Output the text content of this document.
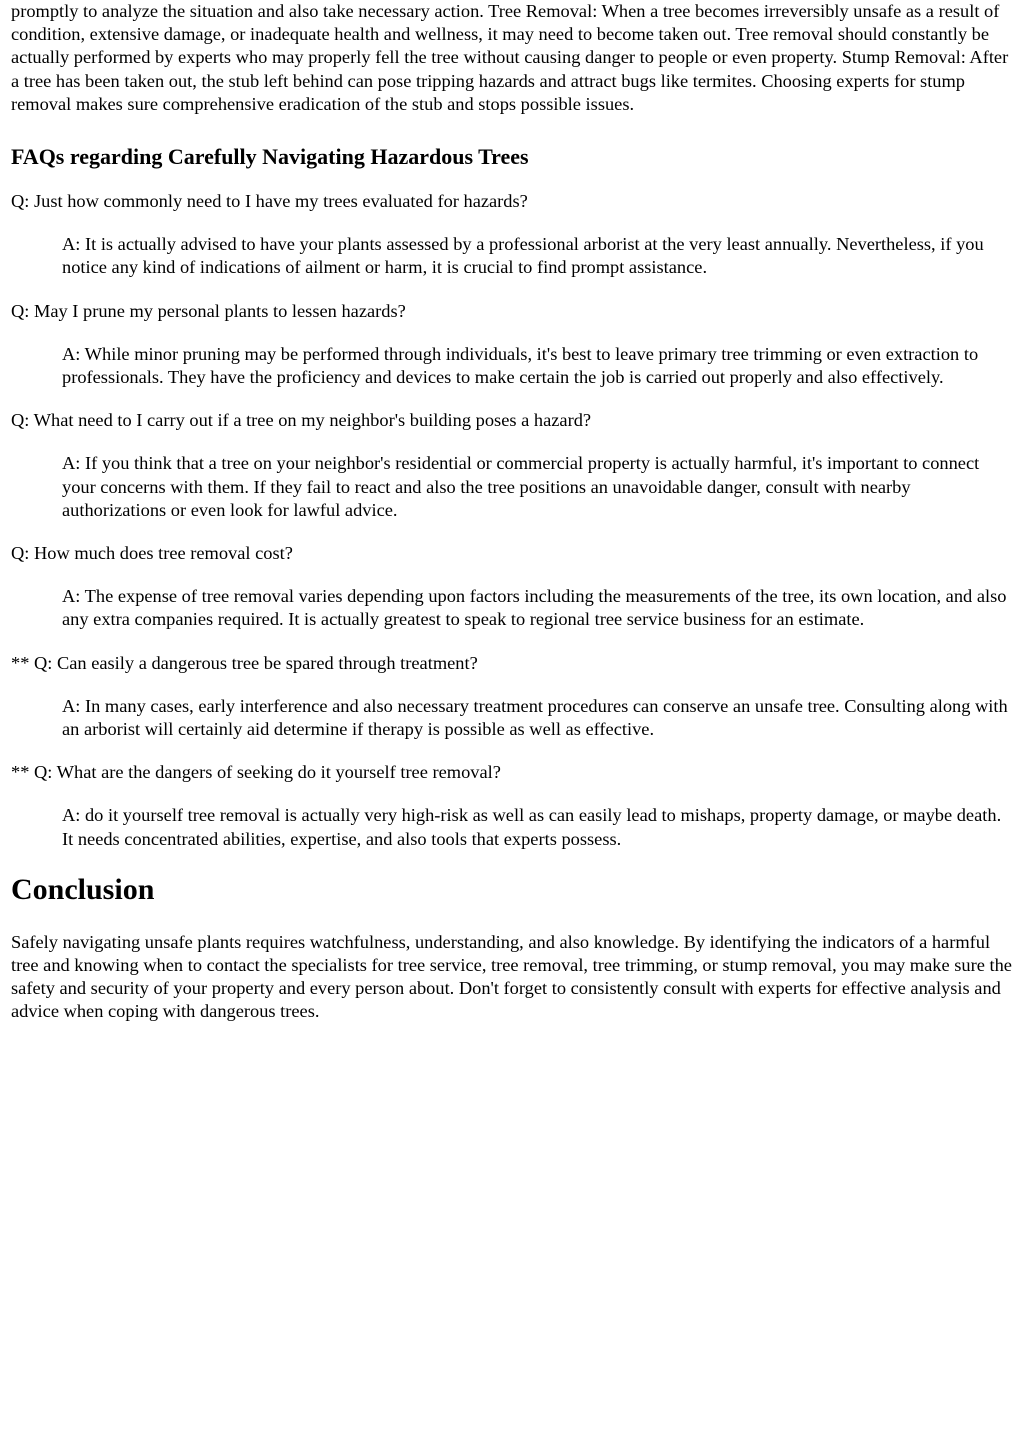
promptly to analyze the situation and also take necessary action. Tree Removal: When a tree becomes irreversibly unsafe as a result of condition, extensive damage, or inadequate health and wellness, it may need to become taken out. Tree removal should constantly be actually performed by experts who may properly fell the tree without causing danger to people or even property. Stump Removal: After a tree has been taken out, the stub left behind can pose tripping hazards and attract bugs like termites. Choosing experts for stump removal makes sure comprehensive eradication of the stub and stops possible issues.

FAQs regarding Carefully Navigating Hazardous Trees

Q: Just how commonly need to I have my trees evaluated for hazards?

A: It is actually advised to have your plants assessed by a professional arborist at the very least annually. Nevertheless, if you notice any kind of indications of ailment or harm, it is crucial to find prompt assistance.

Q: May I prune my personal plants to lessen hazards?

A: While minor pruning may be performed through individuals, it's best to leave primary tree trimming or even extraction to professionals. They have the proficiency and devices to make certain the job is carried out properly and also effectively.

Q: What need to I carry out if a tree on my neighbor's building poses a hazard?

A: If you think that a tree on your neighbor's residential or commercial property is actually harmful, it's important to connect your concerns with them. If they fail to react and also the tree positions an unavoidable danger, consult with nearby authorizations or even look for lawful advice.

Q: How much does tree removal cost?

A: The expense of tree removal varies depending upon factors including the measurements of the tree, its own location, and also any extra companies required. It is actually greatest to speak to regional tree service business for an estimate.

** Q: Can easily a dangerous tree be spared through treatment?

A: In many cases, early interference and also necessary treatment procedures can conserve an unsafe tree. Consulting along with an arborist will certainly aid determine if therapy is possible as well as effective.

** Q: What are the dangers of seeking do it yourself tree removal?

A: do it yourself tree removal is actually very high-risk as well as can easily lead to mishaps, property damage, or maybe death. It needs concentrated abilities, expertise, and also tools that experts possess.

Conclusion

Safely navigating unsafe plants requires watchfulness, understanding, and also knowledge. By identifying the indicators of a harmful tree and knowing when to contact the specialists for tree service, tree removal, tree trimming, or stump removal, you may make sure the safety and security of your property and every person about. Don't forget to consistently consult with experts for effective analysis and advice when coping with dangerous trees.
